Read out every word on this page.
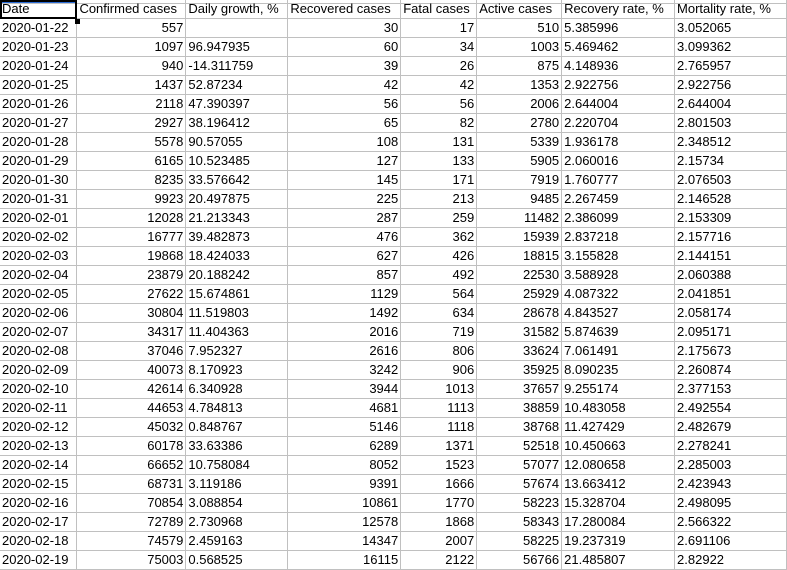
Date	Confirmed cases	Daily growth, %	Recovered cases	Fatal cases	Active cases	Recovery rate, %	Mortality rate, %
2020-01-22	557		30	17	510	5.385996	3.052065
2020-01-23	1097	96.947935	60	34	1003	5.469462	3.099362
2020-01-24	940	-14.311759	39	26	875	4.148936	2.765957
2020-01-25	1437	52.87234	42	42	1353	2.922756	2.922756
2020-01-26	2118	47.390397	56	56	2006	2.644004	2.644004
2020-01-27	2927	38.196412	65	82	2780	2.220704	2.801503
2020-01-28	5578	90.57055	108	131	5339	1.936178	2.348512
2020-01-29	6165	10.523485	127	133	5905	2.060016	2.15734
2020-01-30	8235	33.576642	145	171	7919	1.760777	2.076503
2020-01-31	9923	20.497875	225	213	9485	2.267459	2.146528
2020-02-01	12028	21.213343	287	259	11482	2.386099	2.153309
2020-02-02	16777	39.482873	476	362	15939	2.837218	2.157716
2020-02-03	19868	18.424033	627	426	18815	3.155828	2.144151
2020-02-04	23879	20.188242	857	492	22530	3.588928	2.060388
2020-02-05	27622	15.674861	1129	564	25929	4.087322	2.041851
2020-02-06	30804	11.519803	1492	634	28678	4.843527	2.058174
2020-02-07	34317	11.404363	2016	719	31582	5.874639	2.095171
2020-02-08	37046	7.952327	2616	806	33624	7.061491	2.175673
2020-02-09	40073	8.170923	3242	906	35925	8.090235	2.260874
2020-02-10	42614	6.340928	3944	1013	37657	9.255174	2.377153
2020-02-11	44653	4.784813	4681	1113	38859	10.483058	2.492554
2020-02-12	45032	0.848767	5146	1118	38768	11.427429	2.482679
2020-02-13	60178	33.63386	6289	1371	52518	10.450663	2.278241
2020-02-14	66652	10.758084	8052	1523	57077	12.080658	2.285003
2020-02-15	68731	3.119186	9391	1666	57674	13.663412	2.423943
2020-02-16	70854	3.088854	10861	1770	58223	15.328704	2.498095
2020-02-17	72789	2.730968	12578	1868	58343	17.280084	2.566322
2020-02-18	74579	2.459163	14347	2007	58225	19.237319	2.691106
2020-02-19	75003	0.568525	16115	2122	56766	21.485807	2.82922
